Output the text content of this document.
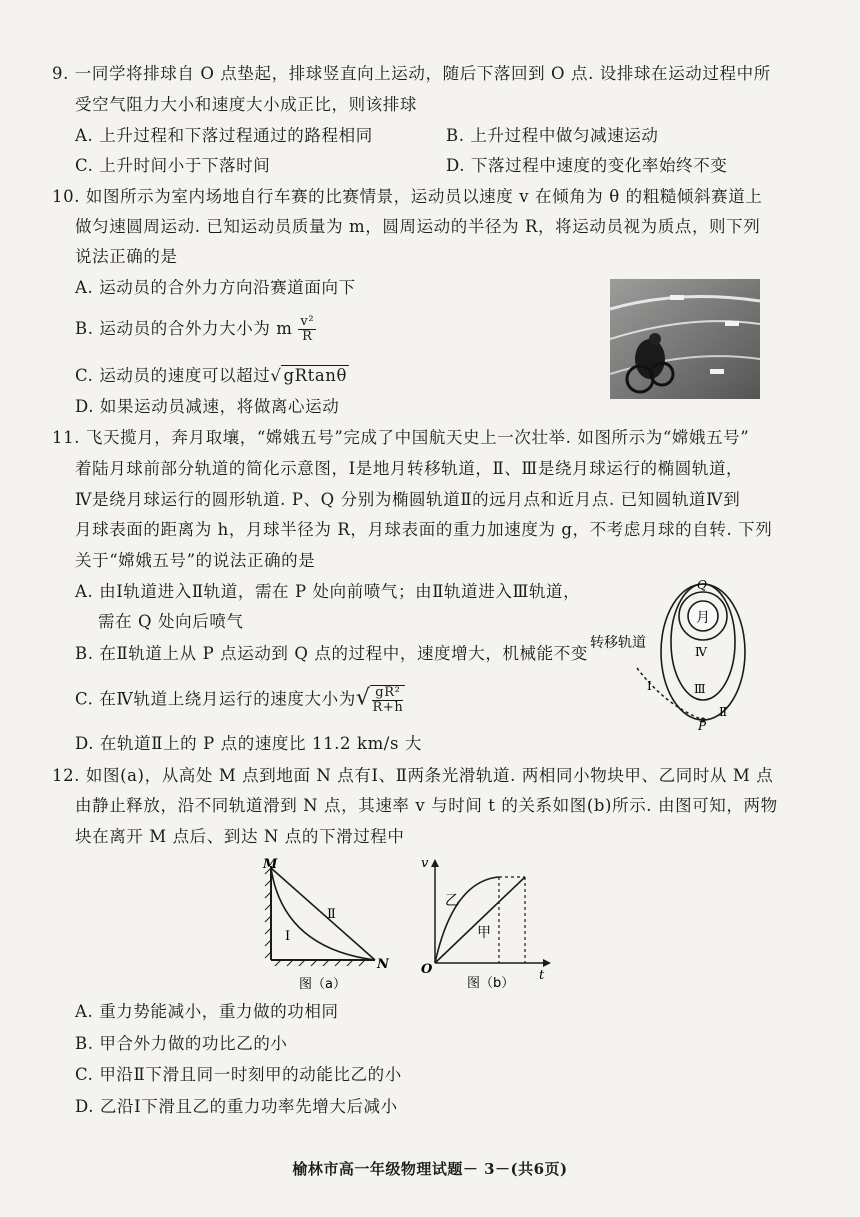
9. 一同学将排球自 O 点垫起，排球竖直向上运动，随后下落回到 O 点. 设排球在运动过程中所
受空气阻力大小和速度大小成正比，则该排球
A. 上升过程和下落过程通过的路程相同	B. 上升过程中做匀减速运动
C. 上升时间小于下落时间	D. 下落过程中速度的变化率始终不变
10. 如图所示为室内场地自行车赛的比赛情景，运动员以速度 v 在倾角为 θ 的粗糙倾斜赛道上
做匀速圆周运动. 已知运动员质量为 m，圆周运动的半径为 R，将运动员视为质点，则下列
说法正确的是
A. 运动员的合外力方向沿赛道面向下
B. 运动员的合外力大小为 m $\frac{\text{v²}}{R}$
C. 运动员的速度可以超过√ gRtanθ
D. 如果运动员减速，将做离心运动
11. 飞天揽月，奔月取壤，“嫦娥五号”完成了中国航天史上一次壮举. 如图所示为“嫦娥五号”
着陆月球前部分轨道的简化示意图，Ⅰ是地月转移轨道，Ⅱ、Ⅲ是绕月球运行的椭圆轨道，
Ⅳ是绕月球运行的圆形轨道. P、Q 分别为椭圆轨道Ⅱ的远月点和近月点. 已知圆轨道Ⅳ到
月球表面的距离为 h，月球半径为 R，月球表面的重力加速度为 g，不考虑月球的自转. 下列
关于“嫦娥五号”的说法正确的是
A. 由Ⅰ轨道进入Ⅱ轨道，需在 P 处向前喷气；由Ⅱ轨道进入Ⅲ轨道，
需在 Q 处向后喷气
B. 在Ⅱ轨道上从 P 点运动到 Q 点的过程中，速度增大，机械能不变
C. 在Ⅳ轨道上绕月运行的速度大小为√ $\frac{\text{gR²}}{R+h}$
D. 在轨道Ⅱ上的 P 点的速度比 11.2 km/s 大
月
转移轨道
Q
P
Ⅰ
Ⅱ
Ⅲ
Ⅳ
12. 如图(a)，从高处 M 点到地面 N 点有Ⅰ、Ⅱ两条光滑轨道. 两相同小物块甲、乙同时从 M 点
由静止释放，沿不同轨道滑到 N 点，其速率 v 与时间 t 的关系如图(b)所示. 由图可知，两物
块在离开 M 点后、到达 N 点的下滑过程中
M
N
Ⅰ
Ⅱ
图（a）
v
t
O
乙
甲
图（b）
A. 重力势能减小，重力做的功相同
B. 甲合外力做的功比乙的小
C. 甲沿Ⅱ下滑且同一时刻甲的动能比乙的小
D. 乙沿Ⅰ下滑且乙的重力功率先增大后减小
榆林市高一年级物理试题－ 3－(共6页)
